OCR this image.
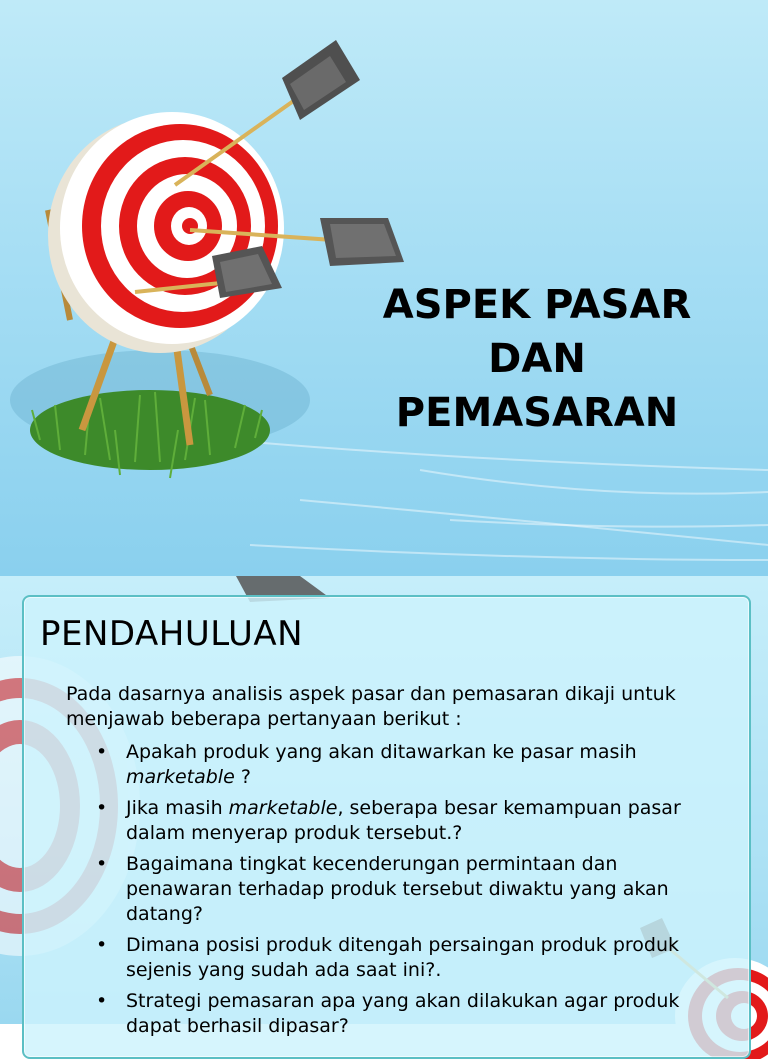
ASPEK PASAR
DAN
PEMASARAN
PENDAHULUAN
Pada dasarnya analisis aspek pasar dan pemasaran dikaji untuk menjawab beberapa pertanyaan berikut :
• Apakah produk yang akan ditawarkan ke pasar masih marketable ?
• Jika masih marketable, seberapa besar kemampuan pasar dalam menyerap produk tersebut.?
• Bagaimana tingkat kecenderungan permintaan dan penawaran terhadap produk tersebut diwaktu yang akan datang?
• Dimana posisi produk ditengah persaingan produk produk sejenis yang sudah ada saat ini?.
• Strategi pemasaran apa yang akan dilakukan agar produk dapat berhasil dipasar?
